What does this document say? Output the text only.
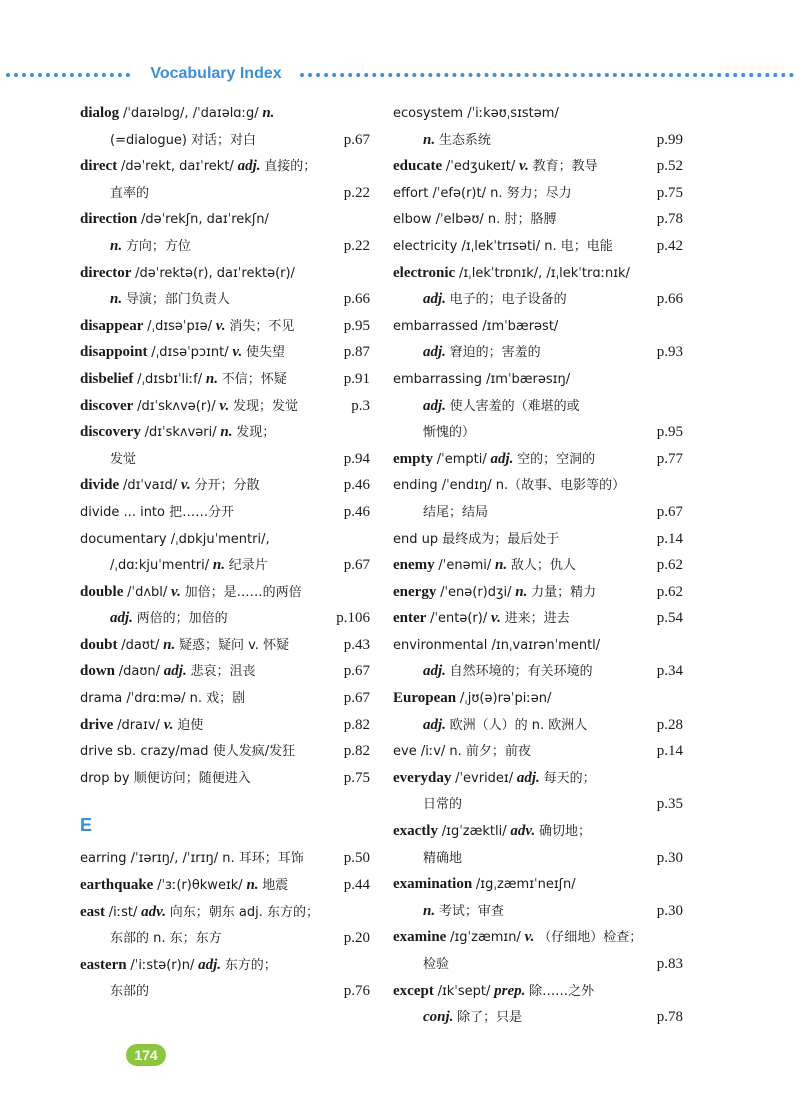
Vocabulary Index
dialog /ˈdaɪəlɒg/, /ˈdaɪəlɑːg/ n.
(=dialogue) 对话；对白	p.67
direct /dəˈrekt, daɪˈrekt/ adj. 直接的；
直率的	p.22
direction /dəˈrekʃn, daɪˈrekʃn/
n. 方向；方位	p.22
director /dəˈrektə(r), daɪˈrektə(r)/
n. 导演；部门负责人	p.66
disappear /ˌdɪsəˈpɪə/ v. 消失；不见	p.95
disappoint /ˌdɪsəˈpɔɪnt/ v. 使失望	p.87
disbelief /ˌdɪsbɪˈliːf/ n. 不信；怀疑	p.91
discover /dɪˈskʌvə(r)/ v. 发现；发觉	p.3
discovery /dɪˈskʌvəri/ n. 发现；
发觉	p.94
divide /dɪˈvaɪd/ v. 分开；分散	p.46
divide ... into 把……分开	p.46
documentary /ˌdɒkjuˈmentri/,
/ˌdɑːkjuˈmentri/ n. 纪录片	p.67
double /ˈdʌbl/ v. 加倍；是……的两倍
adj. 两倍的；加倍的	p.106
doubt /daʊt/ n. 疑惑；疑问 v. 怀疑	p.43
down /daʊn/ adj. 悲哀；沮丧	p.67
drama /ˈdrɑːmə/ n. 戏；剧	p.67
drive /draɪv/ v. 迫使	p.82
drive sb. crazy/mad 使人发疯/发狂	p.82
drop by 顺便访问；随便进入	p.75
E
earring /ˈɪərɪŋ/, /ˈɪrɪŋ/ n. 耳环；耳饰	p.50
earthquake /ˈɜː(r)θkweɪk/ n. 地震	p.44
east /iːst/ adv. 向东；朝东 adj. 东方的；
东部的 n. 东；东方	p.20
eastern /ˈiːstə(r)n/ adj. 东方的；
东部的	p.76
ecosystem /ˈiːkəʊˌsɪstəm/
n. 生态系统	p.99
educate /ˈedʒukeɪt/ v. 教育；教导	p.52
effort /ˈefə(r)t/ n. 努力；尽力	p.75
elbow /ˈelbəʊ/ n. 肘；胳膊	p.78
electricity /ɪˌlekˈtrɪsəti/ n. 电；电能	p.42
electronic /ɪˌlekˈtrɒnɪk/, /ɪˌlekˈtrɑːnɪk/
adj. 电子的；电子设备的	p.66
embarrassed /ɪmˈbærəst/
adj. 窘迫的；害羞的	p.93
embarrassing /ɪmˈbærəsɪŋ/
adj. 使人害羞的（难堪的或
惭愧的）	p.95
empty /ˈempti/ adj. 空的；空洞的	p.77
ending /ˈendɪŋ/ n.（故事、电影等的）
结尾；结局	p.67
end up 最终成为；最后处于	p.14
enemy /ˈenəmi/ n. 敌人；仇人	p.62
energy /ˈenə(r)dʒi/ n. 力量；精力	p.62
enter /ˈentə(r)/ v. 进来；进去	p.54
environmental /ɪnˌvaɪrənˈmentl/
adj. 自然环境的；有关环境的	p.34
European /ˌjʊ(ə)rəˈpiːən/
adj. 欧洲（人）的 n. 欧洲人	p.28
eve /iːv/ n. 前夕；前夜	p.14
everyday /ˈevrideɪ/ adj. 每天的；
日常的	p.35
exactly /ɪgˈzæktli/ adv. 确切地；
精确地	p.30
examination /ɪgˌzæmɪˈneɪʃn/
n. 考试；审查	p.30
examine /ɪgˈzæmɪn/ v. （仔细地）检查；
检验	p.83
except /ɪkˈsept/ prep. 除……之外
conj. 除了；只是	p.78
174
